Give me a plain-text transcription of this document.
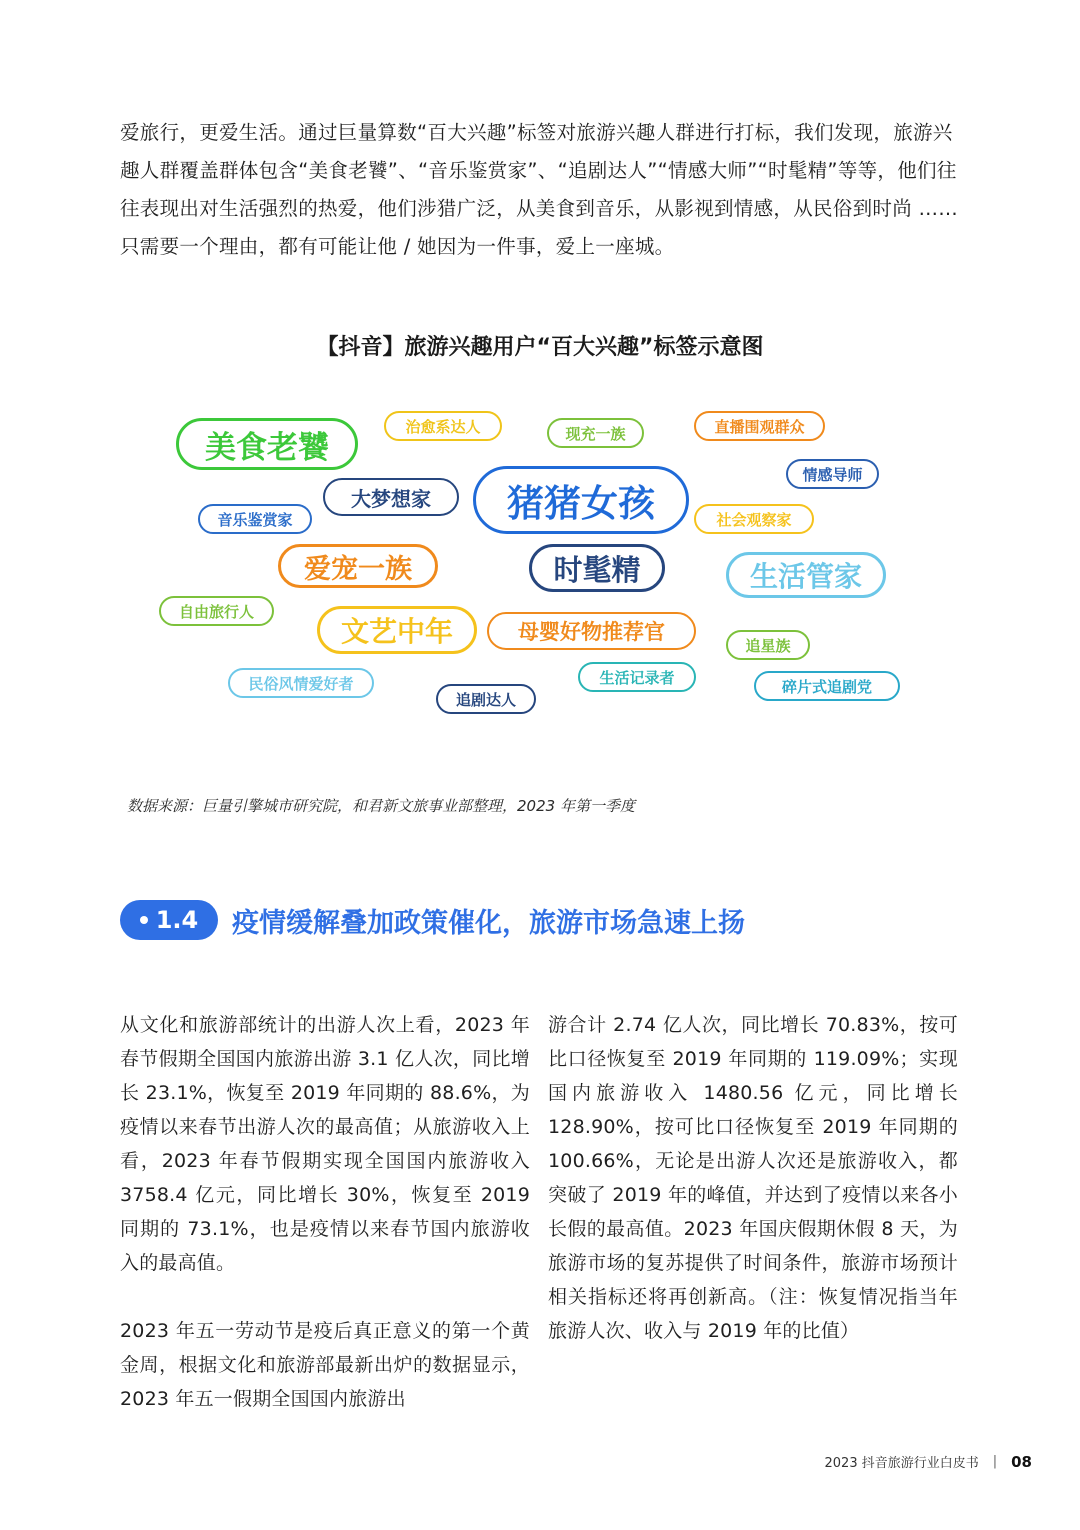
爱旅行，更爱生活。通过巨量算数“百大兴趣”标签对旅游兴趣人群进行打标，我们发现，旅游兴趣人群覆盖群体包含“美食老饕”、“音乐鉴赏家”、“追剧达人”“情感大师”“时髦精”等等，他们往往表现出对生活强烈的热爱，他们涉猎广泛，从美食到音乐，从影视到情感，从民俗到时尚 …… 只需要一个理由，都有可能让他 / 她因为一件事，爱上一座城。

【抖音】旅游兴趣用户“百大兴趣”标签示意图
美食老饕
治愈系达人	现充一族	直播围观群众
情感导师
大梦想家	猪猪女孩
音乐鉴赏家	社会观察家
爱宠一族	时髦精	生活管家
自由旅行人
文艺中年	母婴好物推荐官
追星族
民俗风情爱好者	生活记录者
追剧达人
碎片式追剧党
数据来源：巨量引擎城市研究院，和君新文旅事业部整理，2023 年第一季度
1.4 疫情缓解叠加政策催化，旅游市场急速上扬

从文化和旅游部统计的出游人次上看，2023 年春节假期全国国内旅游出游 3.1 亿人次，同比增长 23.1%，恢复至 2019 年同期的 88.6%，为疫情以来春节出游人次的最高值；从旅游收入上看，2023 年春节假期实现全国国内旅游收入 3758.4 亿元，同比增长 30%，恢复至 2019 同期的 73.1%，也是疫情以来春节国内旅游收入的最高值。

2023 年五一劳动节是疫后真正意义的第一个黄金周，根据文化和旅游部最新出炉的数据显示，2023 年五一假期全国国内旅游出

游合计 2.74 亿人次，同比增长 70.83%，按可比口径恢复至 2019 年同期的 119.09%；实现国内旅游收入 1480.56 亿元，同比增长 128.90%，按可比口径恢复至 2019 年同期的 100.66%，无论是出游人次还是旅游收入，都突破了 2019 年的峰值，并达到了疫情以来各小长假的最高值。2023 年国庆假期休假 8 天，为旅游市场的复苏提供了时间条件，旅游市场预计相关指标还将再创新高。（注：恢复情况指当年旅游人次、收入与 2019 年的比值）

2023 抖音旅游行业白皮书 | 08
